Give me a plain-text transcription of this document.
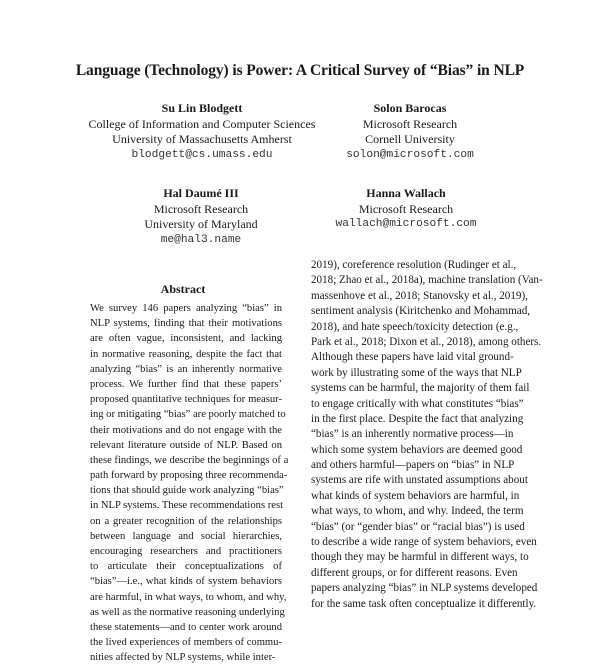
Language (Technology) is Power: A Critical Survey of “Bias” in NLP
Su Lin Blodgett
College of Information and Computer Sciences
University of Massachusetts Amherst
blodgett@cs.umass.edu
Solon Barocas
Microsoft Research
Cornell University
solon@microsoft.com
Hal Daumé III
Microsoft Research
University of Maryland
me@hal3.name
Hanna Wallach
Microsoft Research
wallach@microsoft.com
Abstract
We survey 146 papers analyzing “bias” in
NLP systems, finding that their motivations
are often vague, inconsistent, and lacking
in normative reasoning, despite the fact that
analyzing “bias” is an inherently normative
process. We further find that these papers’
proposed quantitative techniques for measur-
ing or mitigating “bias” are poorly matched to
their motivations and do not engage with the
relevant literature outside of NLP. Based on
these findings, we describe the beginnings of a
path forward by proposing three recommenda-
tions that should guide work analyzing “bias”
in NLP systems. These recommendations rest
on a greater recognition of the relationships
between language and social hierarchies,
encouraging researchers and practitioners
to articulate their conceptualizations of
“bias”—i.e., what kinds of system behaviors
are harmful, in what ways, to whom, and why,
as well as the normative reasoning underlying
these statements—and to center work around
the lived experiences of members of commu-
nities affected by NLP systems, while inter-
2019), coreference resolution (Rudinger et al.,
2018; Zhao et al., 2018a), machine translation (Van-
massenhove et al., 2018; Stanovsky et al., 2019),
sentiment analysis (Kiritchenko and Mohammad,
2018), and hate speech/toxicity detection (e.g.,
Park et al., 2018; Dixon et al., 2018), among others.
Although these papers have laid vital ground-
work by illustrating some of the ways that NLP
systems can be harmful, the majority of them fail
to engage critically with what constitutes “bias”
in the first place. Despite the fact that analyzing
“bias” is an inherently normative process—in
which some system behaviors are deemed good
and others harmful—papers on “bias” in NLP
systems are rife with unstated assumptions about
what kinds of system behaviors are harmful, in
what ways, to whom, and why. Indeed, the term
“bias” (or “gender bias” or “racial bias”) is used
to describe a wide range of system behaviors, even
though they may be harmful in different ways, to
different groups, or for different reasons. Even
papers analyzing “bias” in NLP systems developed
for the same task often conceptualize it differently.
